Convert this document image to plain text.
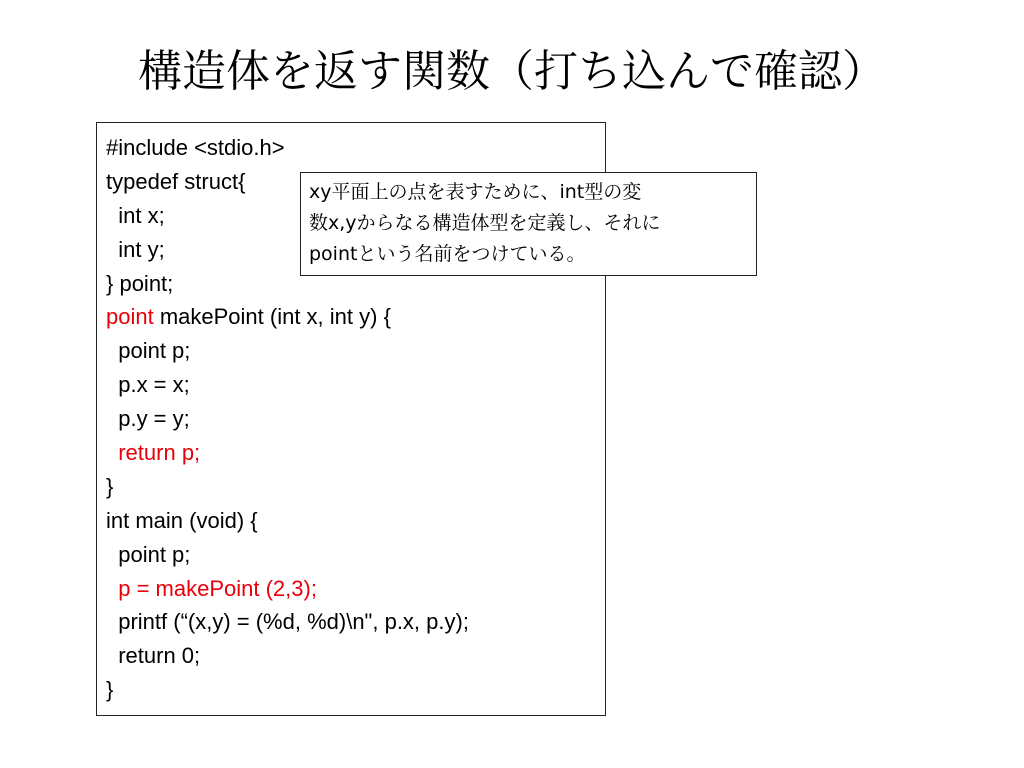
構造体を返す関数（打ち込んで確認）
#include <stdio.h>
typedef struct{
int x;
int y;
} point;
point makePoint (int x, int y) {
point p;
p.x = x;
p.y = y;
return p;
}
int main (void) {
point p;
p = makePoint (2,3);
printf (“(x,y) = (%d, %d)\n", p.x, p.y);
return 0;
}
xy平面上の点を表すために、int型の変
数x,yからなる構造体型を定義し、それに
pointという名前をつけている。
